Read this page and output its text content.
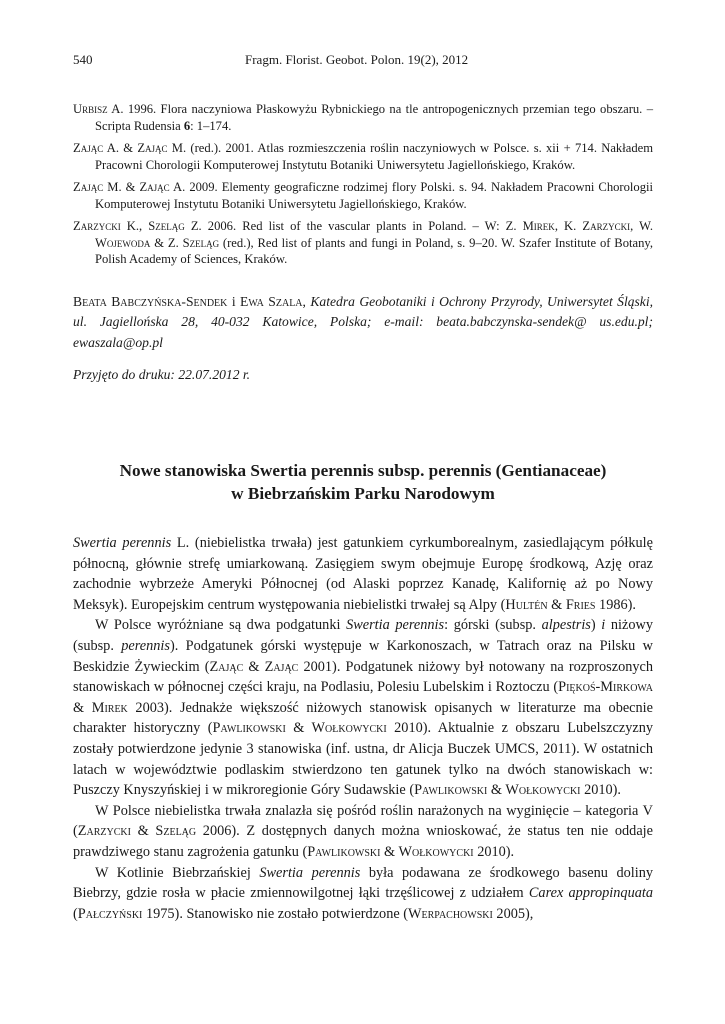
540	Fragm. Florist. Geobot. Polon. 19(2), 2012
Urbisz A. 1996. Flora naczyniowa Płaskowyżu Rybnickiego na tle antropogenicznych przemian tego obszaru. – Scripta Rudensia 6: 1–174.
Zając A. & Zając M. (red.). 2001. Atlas rozmieszczenia roślin naczyniowych w Polsce. s. xii + 714. Nakładem Pracowni Chorologii Komputerowej Instytutu Botaniki Uniwersytetu Jagiellońskiego, Kraków.
Zając M. & Zając A. 2009. Elementy geograficzne rodzimej flory Polski. s. 94. Nakładem Pracowni Chorologii Komputerowej Instytutu Botaniki Uniwersytetu Jagiellońskiego, Kraków.
Zarzycki K., Szeląg Z. 2006. Red list of the vascular plants in Poland. – W: Z. Mirek, K. Zarzycki, W. Wojewoda & Z. Szeląg (red.), Red list of plants and fungi in Poland, s. 9–20. W. Szafer Institute of Botany, Polish Academy of Sciences, Kraków.
Beata Babczyńska-Sendek i Ewa Szala, Katedra Geobotaniki i Ochrony Przyrody, Uniwersytet Śląski, ul. Jagiellońska 28, 40-032 Katowice, Polska; e-mail: beata.babczynska-sendek@ us.edu.pl; ewaszala@op.pl
Przyjęto do druku: 22.07.2012 r.
Nowe stanowiska Swertia perennis subsp. perennis (Gentianaceae)
w Biebrzańskim Parku Narodowym

Swertia perennis L. (niebielistka trwała) jest gatunkiem cyrkumborealnym, zasiedlającym półkulę północną, głównie strefę umiarkowaną. Zasięgiem swym obejmuje Europę środkową, Azję oraz zachodnie wybrzeże Ameryki Północnej (od Alaski poprzez Kanadę, Kalifornię aż po Nowy Meksyk). Europejskim centrum występowania niebielistki trwałej są Alpy (Hultén & Fries 1986).

W Polsce wyróżniane są dwa podgatunki Swertia perennis: górski (subsp. alpestris) i niżowy (subsp. perennis). Podgatunek górski występuje w Karkonoszach, w Tatrach oraz na Pilsku w Beskidzie Żywieckim (Zając & Zając 2001). Podgatunek niżowy był notowany na rozproszonych stanowiskach w północnej części kraju, na Podlasiu, Polesiu Lubelskim i Roztoczu (Piękoś-Mirkowa & Mirek 2003). Jednakże większość niżowych stanowisk opisanych w literaturze ma obecnie charakter historyczny (Pawlikowski & Wołkowycki 2010). Aktualnie z obszaru Lubelszczyzny zostały potwierdzone jedynie 3 stanowiska (inf. ustna, dr Alicja Buczek UMCS, 2011). W ostatnich latach w województwie podlaskim stwierdzono ten gatunek tylko na dwóch stanowiskach w: Puszczy Knyszyńskiej i w mikroregionie Góry Sudawskie (Pawlikowski & Wołkowycki 2010).

W Polsce niebielistka trwała znalazła się pośród roślin narażonych na wyginięcie – kategoria V (Zarzycki & Szeląg 2006). Z dostępnych danych można wnioskować, że status ten nie oddaje prawdziwego stanu zagrożenia gatunku (Pawlikowski & Wołkowycki 2010).

W Kotlinie Biebrzańskiej Swertia perennis była podawana ze środkowego basenu doliny Biebrzy, gdzie rosła w płacie zmiennowilgotnej łąki trzęślicowej z udziałem Carex appropinquata (Pałczyński 1975). Stanowisko nie zostało potwierdzone (Werpachowski 2005),
